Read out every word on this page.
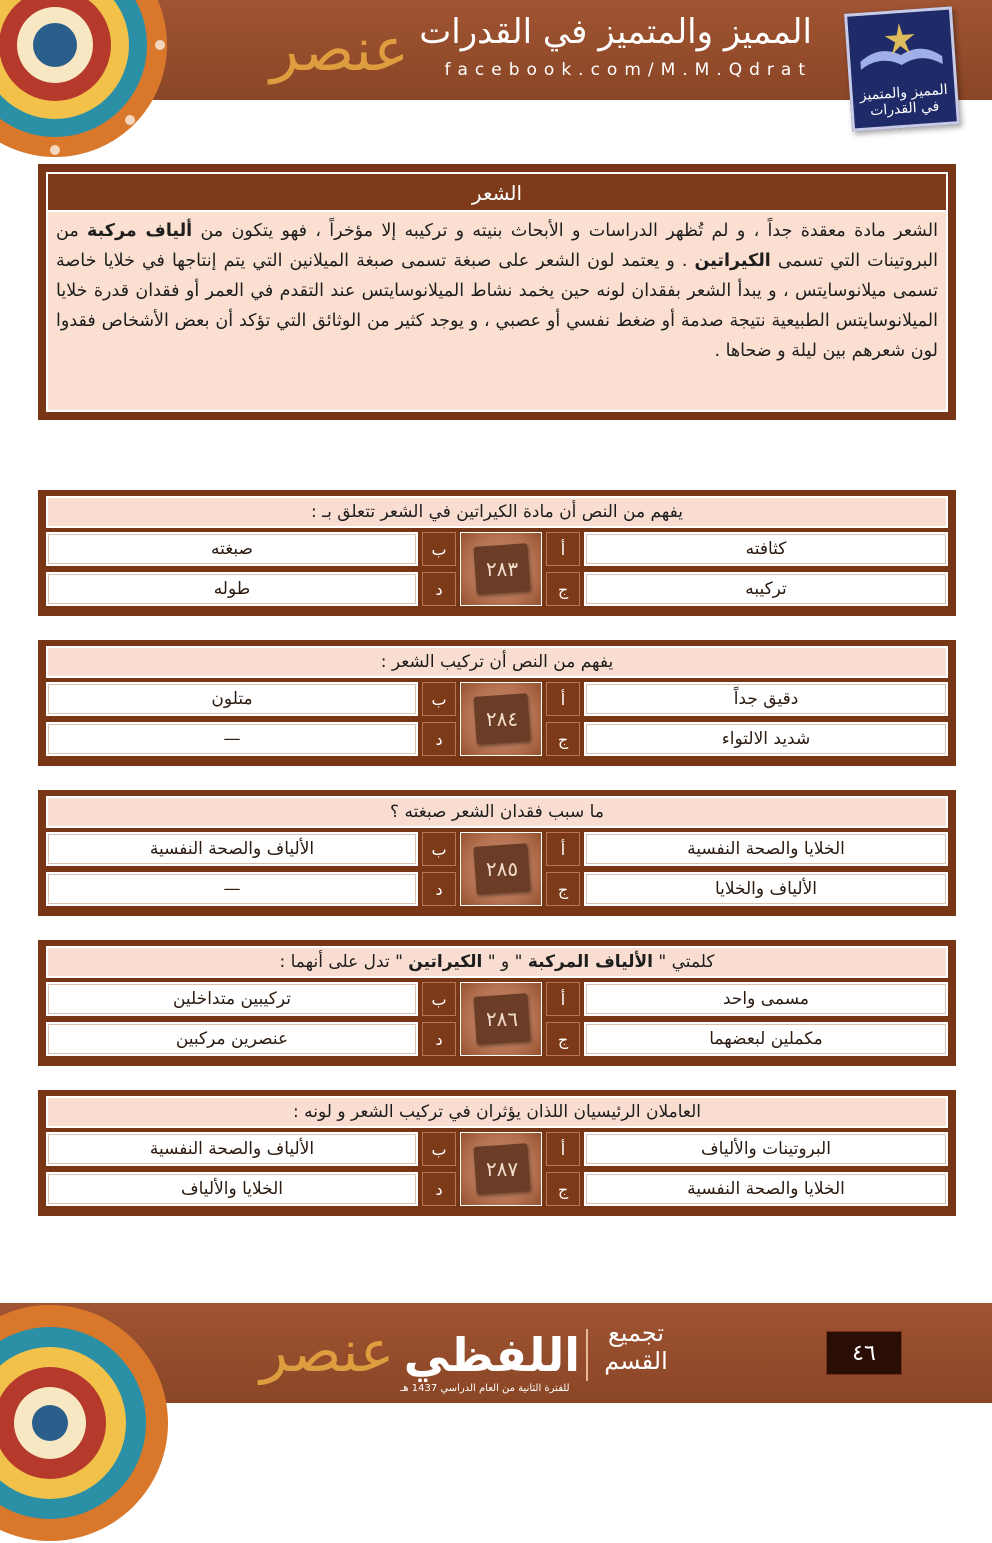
عنصر المميز والمتميز في القدرات
facebook.com/M.M.Qdrat
المميز والمتميز في القدرات
الشعر
الشعر مادة معقدة جداً ، و لم تُظهر الدراسات و الأبحاث بنيته و تركيبه إلا مؤخراً ، فهو يتكون من ألياف مركبة من البروتينات التي تسمى الكيراتين . و يعتمد لون الشعر على صبغة تسمى صبغة الميلانين التي يتم إنتاجها في خلايا خاصة تسمى ميلانوسايتس ، و يبدأ الشعر بفقدان لونه حين يخمد نشاط الميلانوسايتس عند التقدم في العمر أو فقدان قدرة خلايا الميلانوسايتس الطبيعية نتيجة صدمة أو ضغط نفسي أو عصبي ، و يوجد كثير من الوثائق التي تؤكد أن بعض الأشخاص فقدوا لون شعرهم بين ليلة و ضحاها .
يفهم من النص أن مادة الكيراتين في الشعر تتعلق بـ :
كثافته
أ
٢٨٣
ب
صبغته
تركيبه
ج
د
طوله
يفهم من النص أن تركيب الشعر :
دقيق جداً
أ
٢٨٤
ب
متلون
شديد الالتواء
ج
د
—
ما سبب فقدان الشعر صبغته ؟
الخلايا والصحة النفسية
أ
٢٨٥
ب
الألياف والصحة النفسية
الألياف والخلايا
ج
د
—
كلمتي " الألياف المركبة " و " الكيراتين " تدل على أنهما :
مسمى واحد
أ
٢٨٦
ب
تركيبين متداخلين
مكملين لبعضهما
ج
د
عنصرين مركبين
العاملان الرئيسيان اللذان يؤثران في تركيب الشعر و لونه :
البروتينات والألياف
أ
٢٨٧
ب
الألياف والصحة النفسية
الخلايا والصحة النفسية
ج
د
الخلايا والألياف
عنصر اللفظي
للفترة الثانية من العام الدراسي 1437 هـ
تجميع
القسم	٤٦
